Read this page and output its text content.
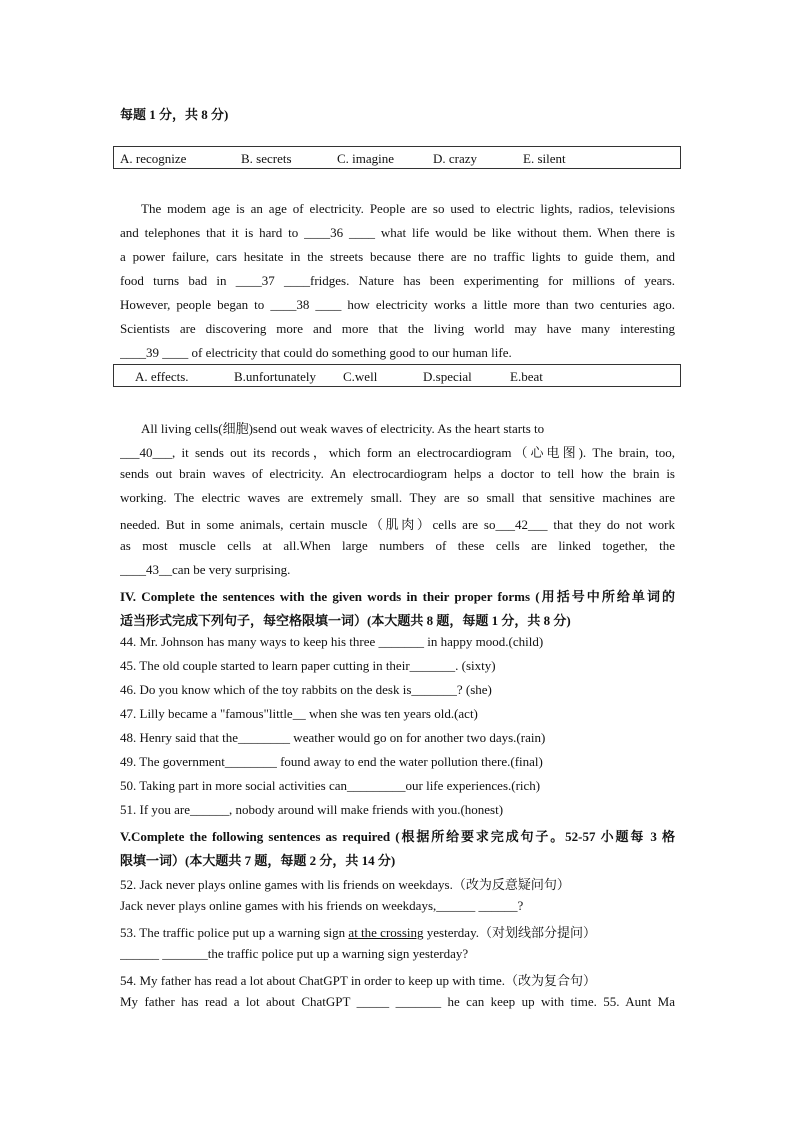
每题 1 分，共 8 分)
A. recognize	B. secrets	C. imagine	D. crazy	E. silent
The modem age is an age of electricity. People are so used to electric lights, radios, televisions
and telephones that it is hard to ____36 ____ what life would be like without them. When there is
a power failure, cars hesitate in the streets because there are no traffic lights to guide them, and
food turns bad in ____37 ____fridges. Nature has been experimenting for millions of years.
However, people began to ____38 ____ how electricity works a little more than two centuries ago.
Scientists are discovering more and more that the living world may have many interesting
____39 ____ of electricity that could do something good to our human life.
A. effects.	B.unfortunately C.well	D.special	E.beat
All living cells(细胞)send out weak waves of electricity. As the heart starts to
___40___, it sends out its records，which form an electrocardiogram（心电图). The brain, too,
sends out brain waves of electricity. An electrocardiogram helps a doctor to tell how the brain is
working. The electric waves are extremely small. They are so small that sensitive machines are
needed. But in some animals, certain muscle（肌肉）cells are so___42___ that they do not work
as most muscle cells at all.When large numbers of these cells are linked together, the
____43__can be very surprising.
IV. Complete the sentences with the given words in their proper forms (用括号中所给单词的
适当形式完成下列句子，每空格限填一词）(本大题共 8 题，每题 1 分，共 8 分)
44. Mr. Johnson has many ways to keep his three _______ in happy mood.(child)
45. The old couple started to learn paper cutting in their_______. (sixty)
46. Do you know which of the toy rabbits on the desk is_______? (she)
47. Lilly became a "famous"little__ when she was ten years old.(act)
48. Henry said that the________ weather would go on for another two days.(rain)
49. The government________ found away to end the water pollution there.(final)
50. Taking part in more social activities can_________our life experiences.(rich)
51. If you are______, nobody around will make friends with you.(honest)
V.Complete the following sentences as required (根据所给要求完成句子。52-57 小题每 3 格
限填一词）(本大题共 7 题，每题 2 分，共 14 分)
52. Jack never plays online games with lis friends on weekdays.（改为反意疑问句）
Jack never plays online games with his friends on weekdays,______ ______?
53. The traffic police put up a warning sign at the crossing yesterday.（对划线部分提问）
______ _______the traffic police put up a warning sign yesterday?
54. My father has read a lot about ChatGPT in order to keep up with time.（改为复合句）
My father has read a lot about ChatGPT _____ _______ he can keep up with time. 55. Aunt Ma
